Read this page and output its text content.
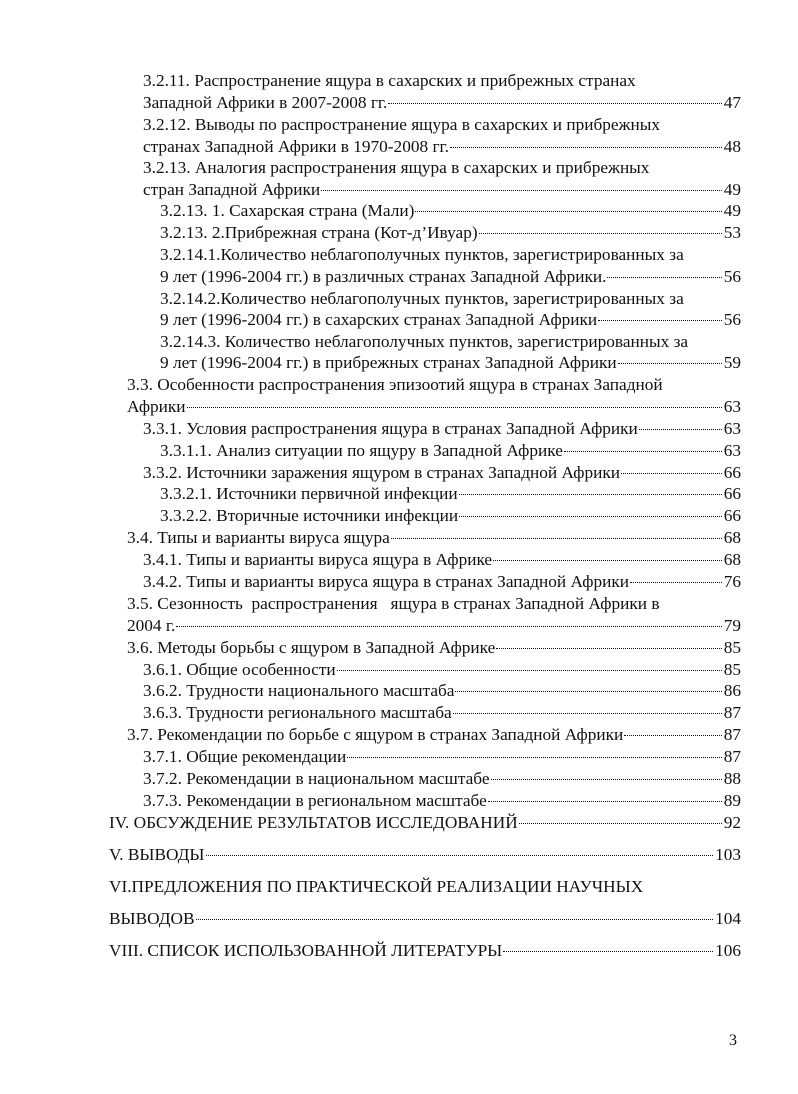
3.2.11. Распространение ящура в сахарских и прибрежных странах
Западной Африки в 2007-2008 гг.	47
3.2.12. Выводы по распространение ящура в сахарских и прибрежных
странах Западной Африки в 1970-2008 гг.	48
3.2.13. Аналогия распространения ящура в сахарских и прибрежных
стран Западной Африки	49
3.2.13. 1. Сахарская страна (Мали)	49
3.2.13. 2.Прибрежная страна (Кот-д’Ивуар)	53
3.2.14.1.Количество неблагополучных пунктов, зарегистрированных за
9 лет (1996-2004 гг.) в различных странах Западной Африки.	56
3.2.14.2.Количество неблагополучных пунктов, зарегистрированных за
9 лет (1996-2004 гг.) в сахарских странах Западной Африки	56
3.2.14.3. Количество неблагополучных пунктов, зарегистрированных за
9 лет (1996-2004 гг.) в прибрежных странах Западной Африки	59
3.3. Особенности распространения эпизоотий ящура в странах Западной
Африки	63
3.3.1. Условия распространения ящура в странах Западной Африки	63
3.3.1.1. Анализ ситуации по ящуру в Западной Африке	63
3.3.2. Источники заражения ящуром в странах Западной Африки	66
3.3.2.1. Источники первичной инфекции	66
3.3.2.2. Вторичные источники инфекции	66
3.4. Типы и варианты вируса ящура	68
3.4.1. Типы и варианты вируса ящура в Африке	68
3.4.2. Типы и варианты вируса ящура в странах Западной Африки	76
3.5. Сезонность  распространения   ящура в странах Западной Африки в
2004 г.	79
3.6. Методы борьбы с ящуром в Западной Африке	85
3.6.1. Общие особенности	85
3.6.2. Трудности национального масштаба	86
3.6.3. Трудности регионального масштаба	87
3.7. Рекомендации по борьбе с ящуром в странах Западной Африки	87
3.7.1. Общие рекомендации	87
3.7.2. Рекомендации в национальном масштабе	88
3.7.3. Рекомендации в региональном масштабе	89
IV. ОБСУЖДЕНИЕ РЕЗУЛЬТАТОВ ИССЛЕДОВАНИЙ	92
V. ВЫВОДЫ	103
VI.ПРЕДЛОЖЕНИЯ ПО ПРАКТИЧЕСКОЙ РЕАЛИЗАЦИИ НАУЧНЫХ
ВЫВОДОВ	104
VIII. СПИСОК ИСПОЛЬЗОВАННОЙ ЛИТЕРАТУРЫ	106
3
